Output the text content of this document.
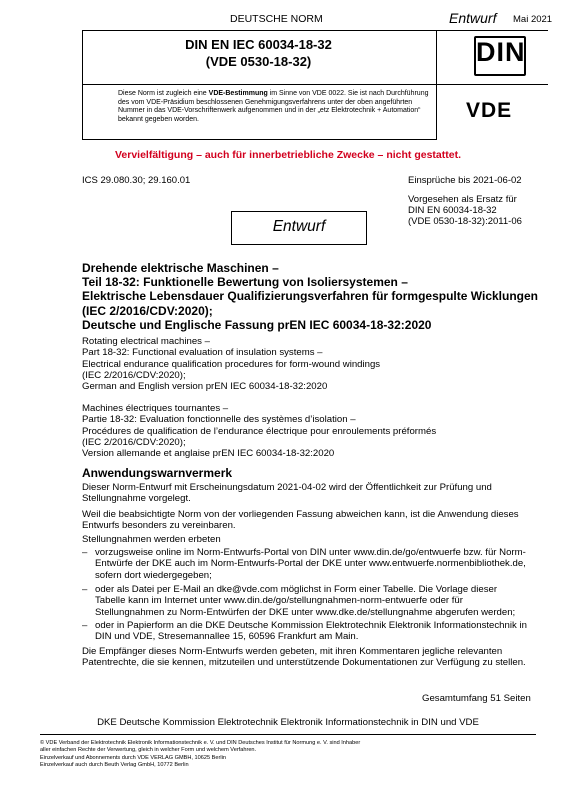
DEUTSCHE NORM	Entwurf Mai 2021
DIN EN IEC 60034-18-32
(VDE 0530-18-32)
Diese Norm ist zugleich eine VDE-Bestimmung im Sinne von VDE 0022. Sie ist nach Durchführung des vom VDE-Präsidium beschlossenen Genehmigungsverfahrens unter der oben angeführten Nummer in das VDE-Vorschriftenwerk aufgenommen und in der „etz Elektrotechnik + Automation“ bekannt gegeben worden.
DIN
VDE
Vervielfältigung – auch für innerbetriebliche Zwecke – nicht gestattet.
ICS 29.080.30; 29.160.01	Einsprüche bis 2021-06-02
Vorgesehen als Ersatz für
DIN EN 60034-18-32
(VDE 0530-18-32):2011-06
Entwurf
Drehende elektrische Maschinen –
Teil 18-32: Funktionelle Bewertung von Isoliersystemen –
Elektrische Lebensdauer Qualifizierungsverfahren für formgespulte Wicklungen
(IEC 2/2016/CDV:2020);
Deutsche und Englische Fassung prEN IEC 60034-18-32:2020
Rotating electrical machines –
Part 18-32: Functional evaluation of insulation systems –
Electrical endurance qualification procedures for form-wound windings
(IEC 2/2016/CDV:2020);
German and English version prEN IEC 60034-18-32:2020
Machines électriques tournantes –
Partie 18-32: Evaluation fonctionnelle des systèmes d’isolation –
Procédures de qualification de l’endurance électrique pour enroulements préformés
(IEC 2/2016/CDV:2020);
Version allemande et anglaise prEN IEC 60034-18-32:2020
Anwendungswarnvermerk
Dieser Norm-Entwurf mit Erscheinungsdatum 2021-04-02 wird der Öffentlichkeit zur Prüfung und
Stellungnahme vorgelegt.
Weil die beabsichtigte Norm von der vorliegenden Fassung abweichen kann, ist die Anwendung dieses
Entwurfs besonders zu vereinbaren.
Stellungnahmen werden erbeten
– vorzugsweise online im Norm-Entwurfs-Portal von DIN unter www.din.de/go/entwuerfe bzw. für Norm-
Entwürfe der DKE auch im Norm-Entwurfs-Portal der DKE unter www.entwuerfe.normenbibliothek.de,
sofern dort wiedergegeben;
– oder als Datei per E-Mail an dke@vde.com möglichst in Form einer Tabelle. Die Vorlage dieser
Tabelle kann im Internet unter www.din.de/go/stellungnahmen-norm-entwuerfe oder für
Stellungnahmen zu Norm-Entwürfen der DKE unter www.dke.de/stellungnahme abgerufen werden;
– oder in Papierform an die DKE Deutsche Kommission Elektrotechnik Elektronik Informationstechnik in
DIN und VDE, Stresemannallee 15, 60596 Frankfurt am Main.
Die Empfänger dieses Norm-Entwurfs werden gebeten, mit ihren Kommentaren jegliche relevanten
Patentrechte, die sie kennen, mitzuteilen und unterstützende Dokumentationen zur Verfügung zu stellen.
Gesamtumfang 51 Seiten
DKE Deutsche Kommission Elektrotechnik Elektronik Informationstechnik in DIN und VDE
© VDE Verband der Elektrotechnik Elektronik Informationstechnik e. V. und DIN Deutsches Institut für Normung e. V. sind Inhaber
aller einfachen Rechte der Verwertung, gleich in welcher Form und welchem Verfahren.
Einzelverkauf und Abonnements durch VDE VERLAG GMBH, 10625 Berlin
Einzelverkauf auch durch Beuth Verlag GmbH, 10772 Berlin
